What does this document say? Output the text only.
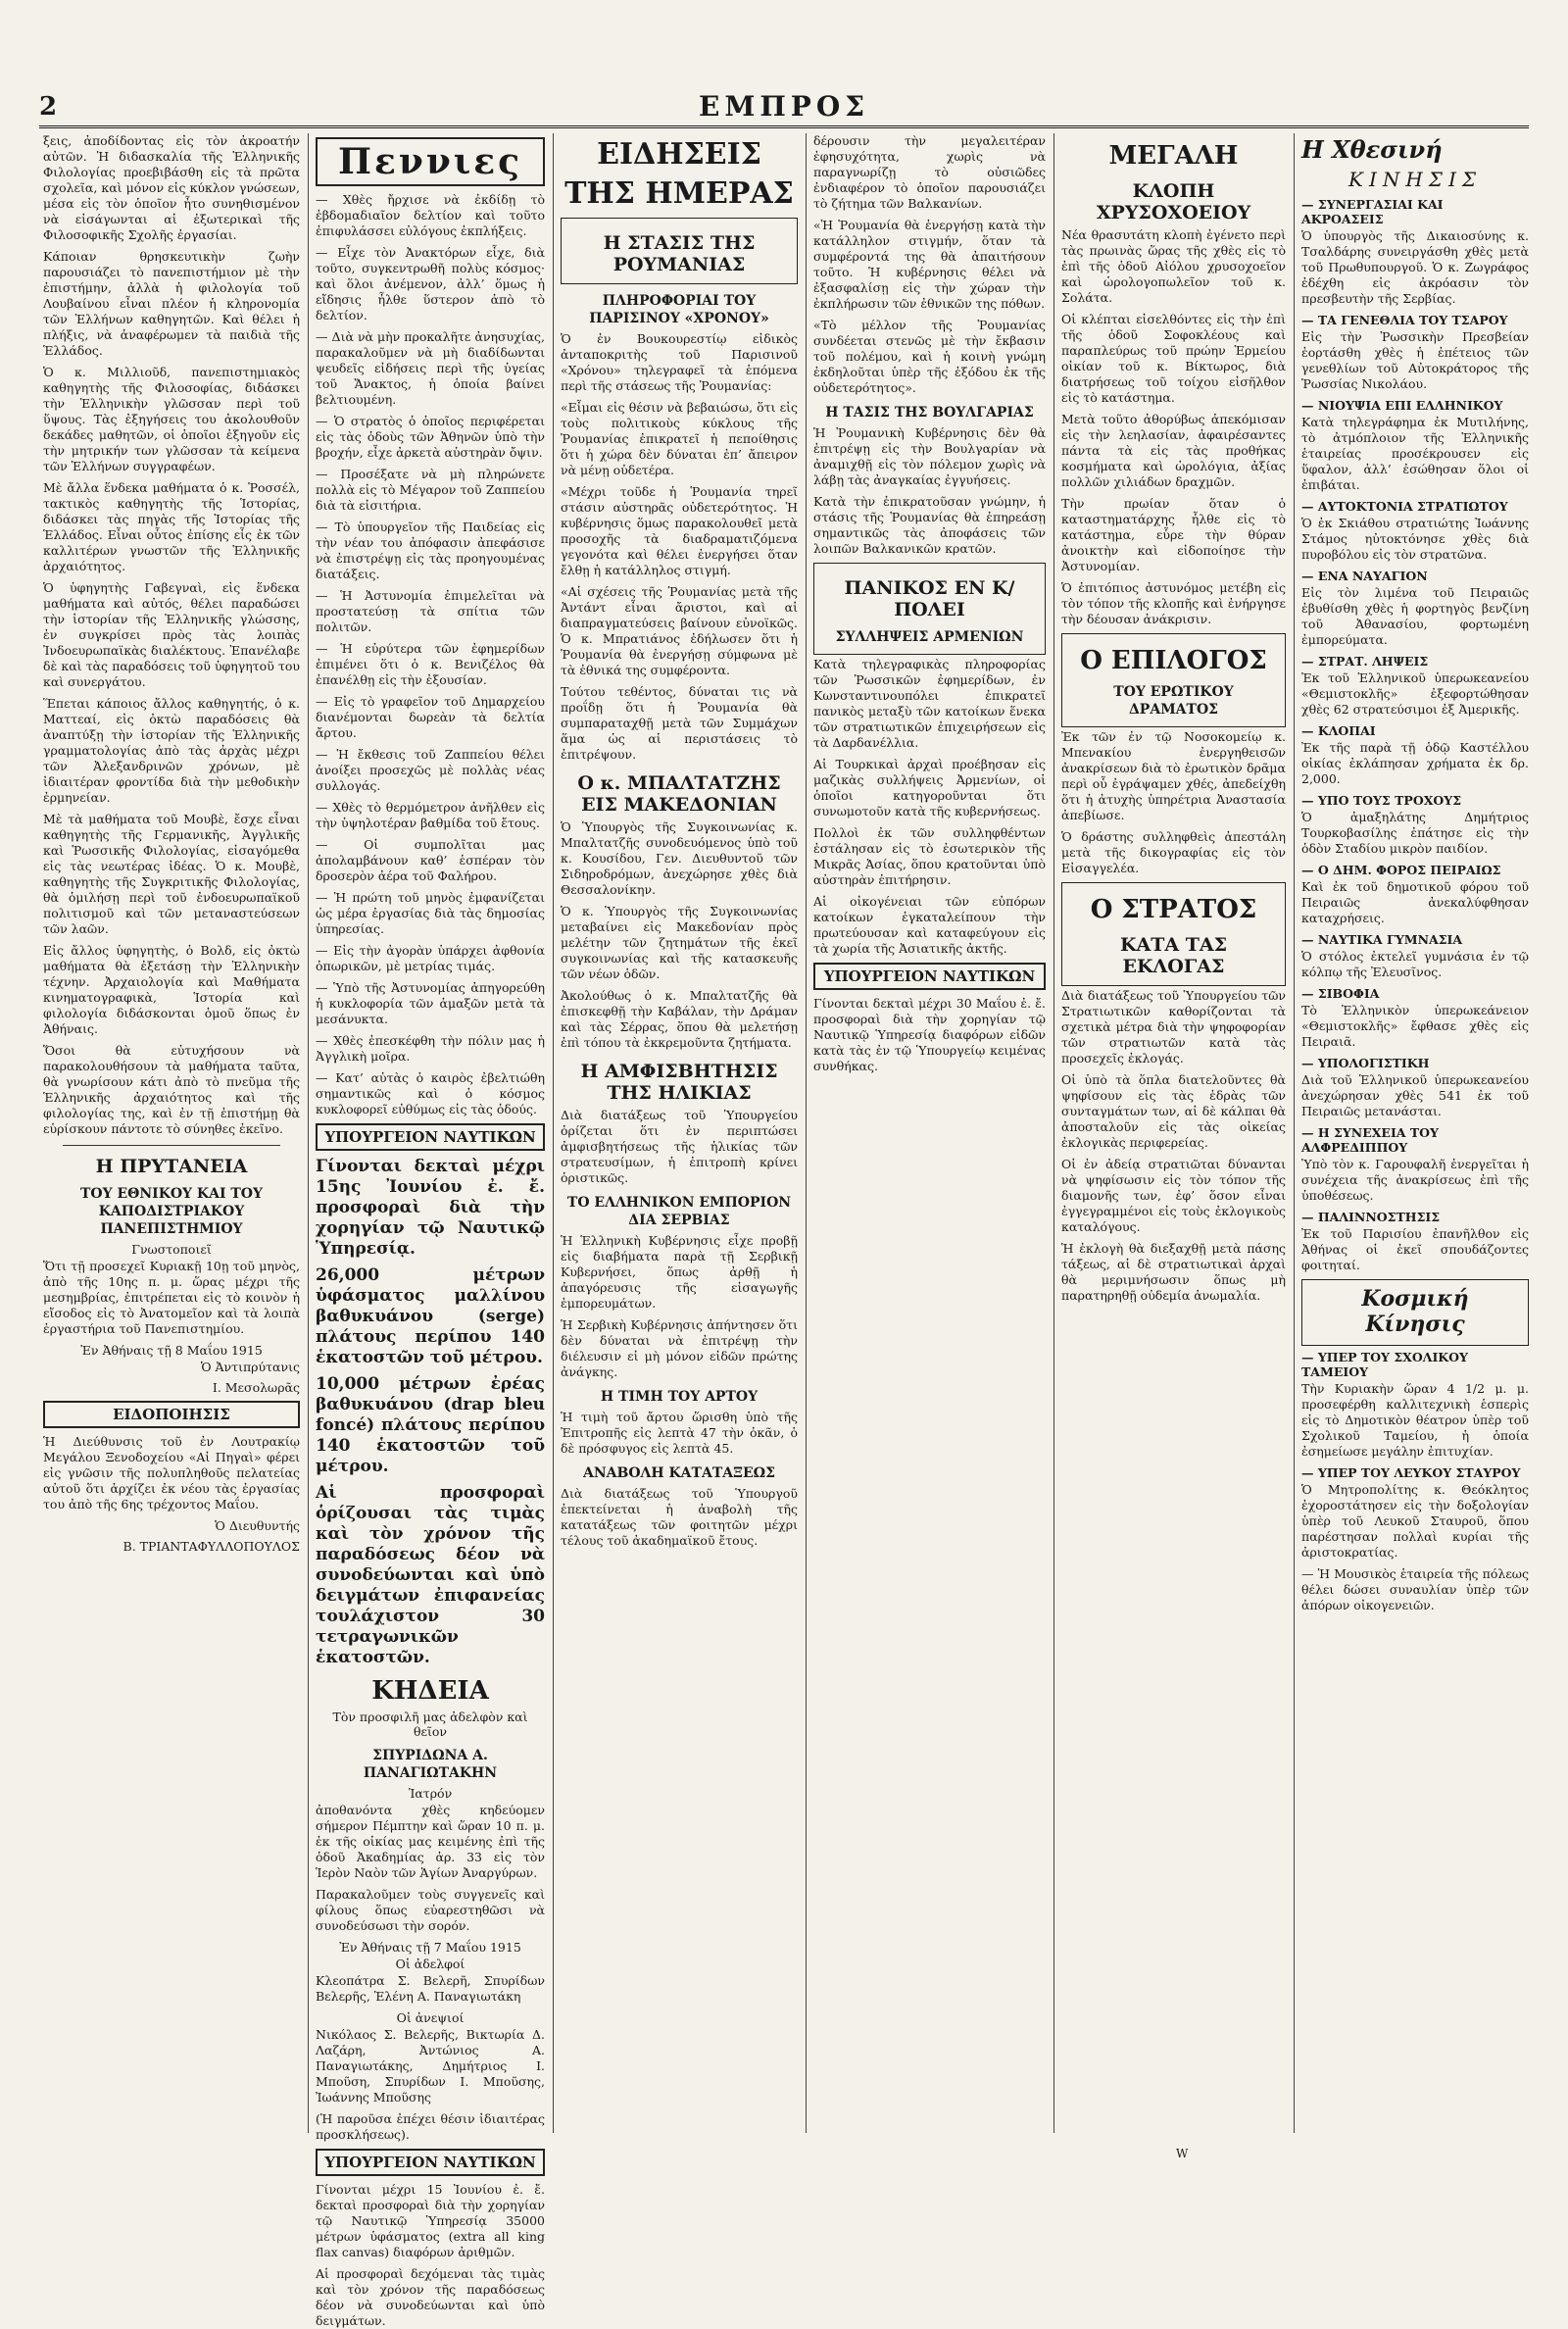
2	ΕΜΠΡΟΣ

ξεις, ἀποδίδοντας εἰς τὸν ἀκροατήν αὐτῶν. Ἡ διδασκαλία τῆς Ἑλληνικῆς Φιλολογίας προεβιβάσθη εἰς τὰ πρῶτα σχολεῖα, καὶ μόνον εἰς κύκλον γνώσεων, μέσα εἰς τὸν ὁποῖον ἦτο συνηθισμένον νὰ εἰσάγωνται αἱ ἐξωτερικαὶ τῆς Φιλοσοφικῆς Σχολῆς ἐργασίαι.

Κάποιαν θρησκευτικὴν ζωὴν παρουσιάζει τὸ πανεπιστήμιον μὲ τὴν ἐπιστήμην, ἀλλὰ ἡ φιλολογία τοῦ Λουβαίνου εἶναι πλέον ἡ κληρονομία τῶν Ἑλλήνων καθηγητῶν. Καὶ θέλει ἡ πλήξις, νὰ ἀναφέρωμεν τὰ παιδιὰ τῆς Ἑλλάδος.

Ὁ κ. Μιλλιοῦδ, πανεπιστημιακὸς καθηγητὴς τῆς Φιλοσοφίας, διδάσκει τὴν Ἑλληνικὴν γλῶσσαν περὶ τοῦ ὕψους. Τὰς ἐξηγήσεις του ἀκολουθοῦν δεκάδες μαθητῶν, οἱ ὁποῖοι ἐξηγοῦν εἰς τὴν μητρικήν των γλῶσσαν τὰ κείμενα τῶν Ἑλλήνων συγγραφέων.

Μὲ ἄλλα ἕνδεκα μαθήματα ὁ κ. Ῥοσσέλ, τακτικὸς καθηγητὴς τῆς Ἱστορίας, διδάσκει τὰς πηγὰς τῆς Ἱστορίας τῆς Ἑλλάδος. Εἶναι οὗτος ἐπίσης εἷς ἐκ τῶν καλλιτέρων γνωστῶν τῆς Ἑλληνικῆς ἀρχαιότητος.

Ὁ ὑφηγητὴς Γαβεγναὶ, εἰς ἕνδεκα μαθήματα καὶ αὐτός, θέλει παραδώσει τὴν ἱστορίαν τῆς Ἑλληνικῆς γλώσσης, ἐν συγκρίσει πρὸς τὰς λοιπὰς Ἰνδοευρωπαϊκὰς διαλέκτους. Ἐπανέλαβε δὲ καὶ τὰς παραδόσεις τοῦ ὑφηγητοῦ του καὶ συνεργάτου.

Ἕπεται κάποιος ἄλλος καθηγητής, ὁ κ. Ματτεαί, εἰς ὀκτὼ παραδόσεις θὰ ἀναπτύξῃ τὴν ἱστορίαν τῆς Ἑλληνικῆς γραμματολογίας ἀπὸ τὰς ἀρχὰς μέχρι τῶν Ἀλεξανδρινῶν χρόνων, μὲ ἰδιαιτέραν φροντίδα διὰ τὴν μεθοδικὴν ἐρμηνείαν.

Μὲ τὰ μαθήματα τοῦ Μουβὲ, ἔσχε εἶναι καθηγητὴς τῆς Γερμανικῆς, Ἀγγλικῆς καὶ Ῥωσσικῆς Φιλολογίας, εἰσαγόμεθα εἰς τὰς νεωτέρας ἰδέας. Ὁ κ. Μουβὲ, καθηγητὴς τῆς Συγκριτικῆς Φιλολογίας, θὰ ὁμιλήσῃ περὶ τοῦ ἐνδοευρωπαϊκοῦ πολιτισμοῦ καὶ τῶν μεταναστεύσεων τῶν λαῶν.

Εἰς ἄλλος ὑφηγητὴς, ὁ Βολδ, εἰς ὀκτὼ μαθήματα θὰ ἐξετάσῃ τὴν Ἑλληνικὴν τέχνην. Ἀρχαιολογία καὶ Μαθήματα κινηματογραφικὰ, Ἱστορία καὶ φιλολογία διδάσκονται ὁμοῦ ὅπως ἐν Ἀθήναις.

Ὅσοι θὰ εὐτυχήσουν νὰ παρακολουθήσουν τὰ μαθήματα ταῦτα, θὰ γνωρίσουν κάτι ἀπὸ τὸ πνεῦμα τῆς Ἑλληνικῆς ἀρχαιότητος καὶ τῆς φιλολογίας της, καὶ ἐν τῇ ἐπιστήμῃ θὰ εὑρίσκουν πάντοτε τὸ σύνηθες ἐκεῖνο.

Η ΠΡΥΤΑΝΕΙΑ
ΤΟΥ ΕΘΝΙΚΟΥ ΚΑΙ ΤΟΥ ΚΑΠΟΔΙΣΤΡΙΑΚΟΥ ΠΑΝΕΠΙΣΤΗΜΙΟΥ
Γνωστοποιεῖ

Ὅτι τῇ προσεχεῖ Κυριακῇ 10ῃ τοῦ μηνὸς, ἀπὸ τῆς 10ης π. μ. ὥρας μέχρι τῆς μεσημβρίας, ἐπιτρέπεται εἰς τὸ κοινὸν ἡ εἴσοδος εἰς τὸ Ἀνατομεῖον καὶ τὰ λοιπὰ ἐργαστήρια τοῦ Πανεπιστημίου.

Ἐν Ἀθήναις τῇ 8 Μαΐου 1915
Ὁ Ἀντιπρύτανις
Ι. Μεσολωρᾶς
ΕΙΔΟΠΟΙΗΣΙΣ

Ἡ Διεύθυνσις τοῦ ἐν Λουτρακίῳ Μεγάλου Ξενοδοχείου «Αἱ Πηγαὶ» φέρει εἰς γνῶσιν τῆς πολυπληθοῦς πελατείας αὐτοῦ ὅτι ἀρχίζει ἐκ νέου τὰς ἐργασίας του ἀπὸ τῆς 6ης τρέχοντος Μαΐου.

Ὁ Διευθυντής
Β. ΤΡΙΑΝΤΑΦΥΛΛΟΠΟΥΛΟΣ
Πεννιες

— Χθὲς ἤρχισε νὰ ἐκδίδῃ τὸ ἑβδομαδιαῖον δελτίον καὶ τοῦτο ἐπιφυλάσσει εὐλόγους ἐκπλήξεις.

— Εἶχε τὸν Ἀνακτόρων εἶχε, διὰ τοῦτο, συγκεντρωθῆ πολὺς κόσμος· καὶ ὅλοι ἀνέμενον, ἀλλ’ ὅμως ἡ εἴδησις ἦλθε ὕστερον ἀπὸ τὸ δελτίον.

— Διὰ νὰ μὴν προκαλῆτε ἀνησυχίας, παρακαλοῦμεν νὰ μὴ διαδίδωνται ψευδεῖς εἰδήσεις περὶ τῆς ὑγείας τοῦ Ἄνακτος, ἡ ὁποία βαίνει βελτιουμένη.

— Ὁ στρατὸς ὁ ὁποῖος περιφέρεται εἰς τὰς ὁδοὺς τῶν Ἀθηνῶν ὑπὸ τὴν βροχήν, εἶχε ἀρκετὰ αὐστηρὰν ὄψιν.

— Προσέξατε νὰ μὴ πληρώνετε πολλὰ εἰς τὸ Μέγαρον τοῦ Ζαππείου διὰ τὰ εἰσιτήρια.

— Τὸ ὑπουργεῖον τῆς Παιδείας εἰς τὴν νέαν του ἀπόφασιν ἀπεφάσισε νὰ ἐπιστρέψῃ εἰς τὰς προηγουμένας διατάξεις.

— Ἡ Ἀστυνομία ἐπιμελεῖται νὰ προστατεύσῃ τὰ σπίτια τῶν πολιτῶν.

— Ἡ εὐρύτερα τῶν ἐφημερίδων ἐπιμένει ὅτι ὁ κ. Βενιζέλος θὰ ἐπανέλθῃ εἰς τὴν ἐξουσίαν.

— Εἰς τὸ γραφεῖον τοῦ Δημαρχείου διανέμονται δωρεὰν τὰ δελτία ἄρτου.

— Ἡ ἔκθεσις τοῦ Ζαππείου θέλει ἀνοίξει προσεχῶς μὲ πολλὰς νέας συλλογάς.

— Χθὲς τὸ θερμόμετρον ἀνῆλθεν εἰς τὴν ὑψηλοτέραν βαθμίδα τοῦ ἔτους.

— Οἱ συμπολῖται μας ἀπολαμβάνουν καθ’ ἑσπέραν τὸν δροσερὸν ἀέρα τοῦ Φαλήρου.

— Ἡ πρώτη τοῦ μηνὸς ἐμφανίζεται ὡς μέρα ἐργασίας διὰ τὰς δημοσίας ὑπηρεσίας.

— Εἰς τὴν ἀγορὰν ὑπάρχει ἀφθονία ὀπωρικῶν, μὲ μετρίας τιμάς.

— Ὑπὸ τῆς Ἀστυνομίας ἀπηγορεύθη ἡ κυκλοφορία τῶν ἁμαξῶν μετὰ τὰ μεσάνυκτα.

— Χθὲς ἐπεσκέφθη τὴν πόλιν μας ἡ Ἀγγλικὴ μοῖρα.

— Κατ’ αὐτὰς ὁ καιρὸς ἐβελτιώθη σημαντικῶς καὶ ὁ κόσμος κυκλοφορεῖ εὐθύμως εἰς τὰς ὁδούς.

ΥΠΟΥΡΓΕΙΟΝ ΝΑΥΤΙΚΩΝ

Γίνονται δεκταὶ μέχρι 15ης Ἰουνίου ἐ. ἔ. προσφοραὶ διὰ τὴν χορηγίαν τῷ Ναυτικῷ Ὑπηρεσίᾳ.

26,000 μέτρων ὑφάσματος μαλλίνου βαθυκυάνου (serge) πλάτους περίπου 140 ἑκατοστῶν τοῦ μέτρου.

10,000 μέτρων ἐρέας βαθυκυάνου (drap bleu foncé) πλάτους περίπου 140 ἑκατοστῶν τοῦ μέτρου.

Αἱ προσφοραὶ ὁρίζουσαι τὰς τιμὰς καὶ τὸν χρόνον τῆς παραδόσεως δέον νὰ συνοδεύωνται καὶ ὑπὸ δειγμάτων ἐπιφανείας τουλάχιστον 30 τετραγωνικῶν ἑκατοστῶν.

ΚΗΔΕΙΑ
Τὸν προσφιλῆ μας ἀδελφὸν καὶ θεῖον
ΣΠΥΡΙΔΩΝΑ Α. ΠΑΝΑΓΙΩΤΑΚΗΝ
Ἰατρόν

ἀποθανόντα χθὲς κηδεύομεν σήμερον Πέμπτην καὶ ὥραν 10 π. μ. ἐκ τῆς οἰκίας μας κειμένης ἐπὶ τῆς ὁδοῦ Ἀκαδημίας ἀρ. 33 εἰς τὸν Ἱερὸν Ναὸν τῶν Ἁγίων Ἀναργύρων.

Παρακαλοῦμεν τοὺς συγγενεῖς καὶ φίλους ὅπως εὐαρεστηθῶσι νὰ συνοδεύσωσι τὴν σορόν.

Ἐν Ἀθήναις τῇ 7 Μαΐου 1915
Οἱ ἀδελφοί

Κλεοπάτρα Σ. Βελερῆ, Σπυρίδων Βελερῆς, Ἑλένη Α. Παναγιωτάκη

Οἱ ἀνεψιοί

Νικόλαος Σ. Βελερῆς, Βικτωρία Δ. Λαζάρη, Ἀντώνιος Α. Παναγιωτάκης, Δημήτριος Ι. Μποῦση, Σπυρίδων Ι. Μποῦσης, Ἰωάννης Μποῦσης

(Ἡ παροῦσα ἐπέχει θέσιν ἰδιαιτέρας προσκλήσεως).

ΥΠΟΥΡΓΕΙΟΝ ΝΑΥΤΙΚΩΝ

Γίνονται μέχρι 15 Ἰουνίου ἐ. ἔ. δεκταὶ προσφοραὶ διὰ τὴν χορηγίαν τῷ Ναυτικῷ Ὑπηρεσίᾳ 35000 μέτρων ὑφάσματος (extra all king flax canvas) διαφόρων ἀριθμῶν.

Αἱ προσφοραὶ δεχόμεναι τὰς τιμὰς καὶ τὸν χρόνον τῆς παραδόσεως δέον νὰ συνοδεύωνται καὶ ὑπὸ δειγμάτων.

ΕΙΔΗΣΕΙΣ ΤΗΣ ΗΜΕΡΑΣ
Η ΣΤΑΣΙΣ ΤΗΣ ΡΟΥΜΑΝΙΑΣ
ΠΛΗΡΟΦΟΡΙΑΙ ΤΟΥ ΠΑΡΙΣΙΝΟΥ «ΧΡΟΝΟΥ»

Ὁ ἐν Βουκουρεστίῳ εἰδικὸς ἀνταποκριτὴς τοῦ Παρισινοῦ «Χρόνου» τηλεγραφεῖ τὰ ἑπόμενα περὶ τῆς στάσεως τῆς Ῥουμανίας:

«Εἶμαι εἰς θέσιν νὰ βεβαιώσω, ὅτι εἰς τοὺς πολιτικοὺς κύκλους τῆς Ῥουμανίας ἐπικρατεῖ ἡ πεποίθησις ὅτι ἡ χώρα δὲν δύναται ἐπ’ ἄπειρον νὰ μένῃ οὐδετέρα.

«Μέχρι τοῦδε ἡ Ῥουμανία τηρεῖ στάσιν αὐστηρᾶς οὐδετερότητος. Ἡ κυβέρνησις ὅμως παρακολουθεῖ μετὰ προσοχῆς τὰ διαδραματιζόμενα γεγονότα καὶ θέλει ἐνεργήσει ὅταν ἔλθῃ ἡ κατάλληλος στιγμή.

«Αἱ σχέσεις τῆς Ῥουμανίας μετὰ τῆς Ἀντάντ εἶναι ἄριστοι, καὶ αἱ διαπραγματεύσεις βαίνουν εὐνοϊκῶς. Ὁ κ. Μπρατιάνος ἐδήλωσεν ὅτι ἡ Ῥουμανία θὰ ἐνεργήσῃ σύμφωνα μὲ τὰ ἐθνικά της συμφέροντα.

Τούτου τεθέντος, δύναται τις νὰ προΐδῃ ὅτι ἡ Ῥουμανία θὰ συμπαραταχθῇ μετὰ τῶν Συμμάχων ἅμα ὡς αἱ περιστάσεις τὸ ἐπιτρέψουν.

Ο κ. ΜΠΑΛΤΑΤΖΗΣ ΕΙΣ ΜΑΚΕΔΟΝΙΑΝ

Ὁ Ὑπουργὸς τῆς Συγκοινωνίας κ. Μπαλτατζῆς συνοδευόμενος ὑπὸ τοῦ κ. Κουσίδου, Γεν. Διευθυντοῦ τῶν Σιδηροδρόμων, ἀνεχώρησε χθὲς διὰ Θεσσαλονίκην.

Ὁ κ. Ὑπουργὸς τῆς Συγκοινωνίας μεταβαίνει εἰς Μακεδονίαν πρὸς μελέτην τῶν ζητημάτων τῆς ἐκεῖ συγκοινωνίας καὶ τῆς κατασκευῆς τῶν νέων ὁδῶν.

Ἀκολούθως ὁ κ. Μπαλτατζῆς θὰ ἐπισκεφθῇ τὴν Καβάλαν, τὴν Δράμαν καὶ τὰς Σέρρας, ὅπου θὰ μελετήσῃ ἐπὶ τόπου τὰ ἐκκρεμοῦντα ζητήματα.

Η ΑΜΦΙΣΒΗΤΗΣΙΣ ΤΗΣ ΗΛΙΚΙΑΣ

Διὰ διατάξεως τοῦ Ὑπουργείου ὁρίζεται ὅτι ἐν περιπτώσει ἀμφισβητήσεως τῆς ἡλικίας τῶν στρατευσίμων, ἡ ἐπιτροπὴ κρίνει ὁριστικῶς.

ΤΟ ΕΛΛΗΝΙΚΟΝ ΕΜΠΟΡΙΟΝ ΔΙΑ ΣΕΡΒΙΑΣ

Ἡ Ἑλληνικὴ Κυβέρνησις εἶχε προβῇ εἰς διαβήματα παρὰ τῇ Σερβικῇ Κυβερνήσει, ὅπως ἀρθῇ ἡ ἀπαγόρευσις τῆς εἰσαγωγῆς ἐμπορευμάτων.

Ἡ Σερβικὴ Κυβέρνησις ἀπήντησεν ὅτι δὲν δύναται νὰ ἐπιτρέψῃ τὴν διέλευσιν εἰ μὴ μόνον εἰδῶν πρώτης ἀνάγκης.

Η ΤΙΜΗ ΤΟΥ ΑΡΤΟΥ

Ἡ τιμὴ τοῦ ἄρτου ὥρισθη ὑπὸ τῆς Ἐπιτροπῆς εἰς λεπτὰ 47 τὴν ὀκᾶν, ὁ δὲ πρόσφυγος εἰς λεπτὰ 45.

ΑΝΑΒΟΛΗ ΚΑΤΑΤΑΞΕΩΣ

Διὰ διατάξεως τοῦ Ὑπουργοῦ ἐπεκτείνεται ἡ ἀναβολὴ τῆς κατατάξεως τῶν φοιτητῶν μέχρι τέλους τοῦ ἀκαδημαϊκοῦ ἔτους.

δέρουσιν τὴν μεγαλειτέραν ἐφησυχότητα, χωρὶς νὰ παραγνωρίζῃ τὸ οὐσιῶδες ἐνδιαφέρον τὸ ὁποῖον παρουσιάζει τὸ ζήτημα τῶν Βαλκανίων.

«Ἡ Ῥουμανία θὰ ἐνεργήσῃ κατὰ τὴν κατάλληλον στιγμήν, ὅταν τὰ συμφέροντά της θὰ ἀπαιτήσουν τοῦτο. Ἡ κυβέρνησις θέλει νὰ ἐξασφαλίσῃ εἰς τὴν χώραν τὴν ἐκπλήρωσιν τῶν ἐθνικῶν της πόθων.

«Τὸ μέλλον τῆς Ῥουμανίας συνδέεται στενῶς μὲ τὴν ἔκβασιν τοῦ πολέμου, καὶ ἡ κοινὴ γνώμη ἐκδηλοῦται ὑπὲρ τῆς ἐξόδου ἐκ τῆς οὐδετερότητος».

Η ΤΑΣΙΣ ΤΗΣ ΒΟΥΛΓΑΡΙΑΣ

Ἡ Ῥουμανικὴ Κυβέρνησις δὲν θὰ ἐπιτρέψῃ εἰς τὴν Βουλγαρίαν νὰ ἀναμιχθῇ εἰς τὸν πόλεμον χωρὶς νὰ λάβῃ τὰς ἀναγκαίας ἐγγυήσεις.

Κατὰ τὴν ἐπικρατοῦσαν γνώμην, ἡ στάσις τῆς Ῥουμανίας θὰ ἐπηρεάσῃ σημαντικῶς τὰς ἀποφάσεις τῶν λοιπῶν Βαλκανικῶν κρατῶν.

ΠΑΝΙΚΟΣ ΕΝ Κ/ΠΟΛΕΙ
ΣΥΛΛΗΨΕΙΣ ΑΡΜΕΝΙΩΝ

Κατὰ τηλεγραφικὰς πληροφορίας τῶν Ῥωσσικῶν ἐφημερίδων, ἐν Κωνσταντινουπόλει ἐπικρατεῖ πανικὸς μεταξὺ τῶν κατοίκων ἕνεκα τῶν στρατιωτικῶν ἐπιχειρήσεων εἰς τὰ Δαρδανέλλια.

Αἱ Τουρκικαὶ ἀρχαὶ προέβησαν εἰς μαζικὰς συλλήψεις Ἀρμενίων, οἱ ὁποῖοι κατηγοροῦνται ὅτι συνωμοτοῦν κατὰ τῆς κυβερνήσεως.

Πολλοὶ ἐκ τῶν συλληφθέντων ἐστάλησαν εἰς τὸ ἐσωτερικὸν τῆς Μικρᾶς Ἀσίας, ὅπου κρατοῦνται ὑπὸ αὐστηρὰν ἐπιτήρησιν.

Αἱ οἰκογένειαι τῶν εὐπόρων κατοίκων ἐγκαταλείπουν τὴν πρωτεύουσαν καὶ καταφεύγουν εἰς τὰ χωρία τῆς Ἀσιατικῆς ἀκτῆς.

ΥΠΟΥΡΓΕΙΟΝ ΝΑΥΤΙΚΩΝ

Γίνονται δεκταὶ μέχρι 30 Μαΐου ἐ. ἔ. προσφοραὶ διὰ τὴν χορηγίαν τῷ Ναυτικῷ Ὑπηρεσίᾳ διαφόρων εἰδῶν κατὰ τὰς ἐν τῷ Ὑπουργείῳ κειμένας συνθήκας.

ΜΕΓΑΛΗ
ΚΛΟΠΗ ΧΡΥΣΟΧΟΕΙΟΥ

Νέα θρασυτάτη κλοπὴ ἐγένετο περὶ τὰς πρωινὰς ὥρας τῆς χθὲς εἰς τὸ ἐπὶ τῆς ὁδοῦ Αἰόλου χρυσοχοεῖον καὶ ὡρολογοπωλεῖον τοῦ κ. Σολάτα.

Οἱ κλέπται εἰσελθόντες εἰς τὴν ἐπὶ τῆς ὁδοῦ Σοφοκλέους καὶ παραπλεύρως τοῦ πρώην Ἑρμείου οἰκίαν τοῦ κ. Βίκτωρος, διὰ διατρήσεως τοῦ τοίχου εἰσῆλθον εἰς τὸ κατάστημα.

Μετὰ τοῦτο ἀθορύβως ἀπεκόμισαν εἰς τὴν λεηλασίαν, ἀφαιρέσαντες πάντα τὰ εἰς τὰς προθήκας κοσμήματα καὶ ὡρολόγια, ἀξίας πολλῶν χιλιάδων δραχμῶν.

Τὴν πρωίαν ὅταν ὁ καταστηματάρχης ἦλθε εἰς τὸ κατάστημα, εὗρε τὴν θύραν ἀνοικτὴν καὶ εἰδοποίησε τὴν Ἀστυνομίαν.

Ὁ ἐπιτόπιος ἀστυνόμος μετέβη εἰς τὸν τόπον τῆς κλοπῆς καὶ ἐνήργησε τὴν δέουσαν ἀνάκρισιν.

Ο ΕΠΙΛΟΓΟΣ
ΤΟΥ ΕΡΩΤΙΚΟΥ ΔΡΑΜΑΤΟΣ

Ἐκ τῶν ἐν τῷ Νοσοκομείῳ κ. Μπενακίου ἐνεργηθεισῶν ἀνακρίσεων διὰ τὸ ἐρωτικὸν δρᾶμα περὶ οὗ ἐγράψαμεν χθές, ἀπεδείχθη ὅτι ἡ ἀτυχὴς ὑπηρέτρια Ἀναστασία ἀπεβίωσε.

Ὁ δράστης συλληφθεὶς ἀπεστάλη μετὰ τῆς δικογραφίας εἰς τὸν Εἰσαγγελέα.

Ο ΣΤΡΑΤΟΣ
ΚΑΤΑ ΤΑΣ ΕΚΛΟΓΑΣ

Διὰ διατάξεως τοῦ Ὑπουργείου τῶν Στρατιωτικῶν καθορίζονται τὰ σχετικὰ μέτρα διὰ τὴν ψηφοφορίαν τῶν στρατιωτῶν κατὰ τὰς προσεχεῖς ἐκλογάς.

Οἱ ὑπὸ τὰ ὅπλα διατελοῦντες θὰ ψηφίσουν εἰς τὰς ἑδρὰς τῶν συνταγμάτων των, αἱ δὲ κάλπαι θὰ ἀποσταλοῦν εἰς τὰς οἰκείας ἐκλογικὰς περιφερείας.

Οἱ ἐν ἀδείᾳ στρατιῶται δύνανται νὰ ψηφίσωσιν εἰς τὸν τόπον τῆς διαμονῆς των, ἐφ’ ὅσον εἶναι ἐγγεγραμμένοι εἰς τοὺς ἐκλογικοὺς καταλόγους.

Ἡ ἐκλογὴ θὰ διεξαχθῇ μετὰ πάσης τάξεως, αἱ δὲ στρατιωτικαὶ ἀρχαὶ θὰ μεριμνήσωσιν ὅπως μὴ παρατηρηθῇ οὐδεμία ἀνωμαλία.

Η Χθεσινή
ΚΙΝΗΣΙΣ
— ΣΥΝΕΡΓΑΣΙΑΙ ΚΑΙ ΑΚΡΟΑΣΕΙΣ

Ὁ ὑπουργὸς τῆς Δικαιοσύνης κ. Τσαλδάρης συνειργάσθη χθὲς μετὰ τοῦ Πρωθυπουργοῦ. Ὁ κ. Ζωγράφος ἐδέχθη εἰς ἀκρόασιν τὸν πρεσβευτὴν τῆς Σερβίας.

— ΤΑ ΓΕΝΕΘΛΙΑ ΤΟΥ ΤΣΑΡΟΥ

Εἰς τὴν Ῥωσσικὴν Πρεσβείαν ἐορτάσθη χθὲς ἡ ἐπέτειος τῶν γενεθλίων τοῦ Αὐτοκράτορος τῆς Ῥωσσίας Νικολάου.

— ΝΙΟΥΨΙΑ ΕΠΙ ΕΛΛΗΝΙΚΟΥ

Κατὰ τηλεγράφημα ἐκ Μυτιλήνης, τὸ ἀτμόπλοιον τῆς Ἑλληνικῆς ἑταιρείας προσέκρουσεν εἰς ὕφαλον, ἀλλ’ ἐσώθησαν ὅλοι οἱ ἐπιβάται.

— ΑΥΤΟΚΤΟΝΙΑ ΣΤΡΑΤΙΩΤΟΥ

Ὁ ἐκ Σκιάθου στρατιώτης Ἰωάννης Στάμος ηὐτοκτόνησε χθὲς διὰ πυροβόλου εἰς τὸν στρατῶνα.

— ΕΝΑ ΝΑΥΑΓΙΟΝ

Εἰς τὸν λιμένα τοῦ Πειραιῶς ἐβυθίσθη χθὲς ἡ φορτηγὸς βενζίνη τοῦ Ἀθανασίου, φορτωμένη ἐμπορεύματα.

— ΣΤΡΑΤ. ΛΗΨΕΙΣ

Ἐκ τοῦ Ἑλληνικοῦ ὑπερωκεανείου «Θεμιστοκλῆς» ἐξεφορτώθησαν χθὲς 62 στρατεύσιμοι ἐξ Ἀμερικῆς.

— ΚΛΟΠΑΙ

Ἐκ τῆς παρὰ τῇ ὁδῷ Καστέλλου οἰκίας ἐκλάπησαν χρήματα ἐκ δρ. 2,000.

— ΥΠΟ ΤΟΥΣ ΤΡΟΧΟΥΣ

Ὁ ἁμαξηλάτης Δημήτριος Τουρκοβασίλης ἐπάτησε εἰς τὴν ὁδὸν Σταδίου μικρὸν παιδίον.

— Ο ΔΗΜ. ΦΟΡΟΣ ΠΕΙΡΑΙΩΣ

Καὶ ἐκ τοῦ δημοτικοῦ φόρου τοῦ Πειραιῶς ἀνεκαλύφθησαν καταχρήσεις.

— ΝΑΥΤΙΚΑ ΓΥΜΝΑΣΙΑ

Ὁ στόλος ἐκτελεῖ γυμνάσια ἐν τῷ κόλπῳ τῆς Ἐλευσῖνος.

— ΣΙΒΟΦΙΑ

Τὸ Ἑλληνικὸν ὑπερωκεάνειον «Θεμιστοκλῆς» ἔφθασε χθὲς εἰς Πειραιᾶ.

— ΥΠΟΛΟΓΙΣΤΙΚΗ

Διὰ τοῦ Ἑλληνικοῦ ὑπερωκεανείου ἀνεχώρησαν χθὲς 541 ἐκ τοῦ Πειραιῶς μετανάσται.

— Η ΣΥΝΕΧΕΙΑ ΤΟΥ ΑΛΦΡΕΔΙΠΠΟΥ

Ὑπὸ τὸν κ. Γαρουφαλῆ ἐνεργεῖται ἡ συνέχεια τῆς ἀνακρίσεως ἐπὶ τῆς ὑποθέσεως.

— ΠΑΛΙΝΝΟΣΤΗΣΙΣ

Ἐκ τοῦ Παρισίου ἐπανῆλθον εἰς Ἀθήνας οἱ ἐκεῖ σπουδάζοντες φοιτηταί.

Κοσμική Κίνησις
— ΥΠΕΡ ΤΟΥ ΣΧΟΛΙΚΟΥ ΤΑΜΕΙΟΥ

Τὴν Κυριακὴν ὥραν 4 1/2 μ. μ. προσεφέρθη καλλιτεχνικὴ ἑσπερὶς εἰς τὸ Δημοτικὸν θέατρον ὑπὲρ τοῦ Σχολικοῦ Ταμείου, ἡ ὁποία ἐσημείωσε μεγάλην ἐπιτυχίαν.

— ΥΠΕΡ ΤΟΥ ΛΕΥΚΟΥ ΣΤΑΥΡΟΥ

Ὁ Μητροπολίτης κ. Θεόκλητος ἐχοροστάτησεν εἰς τὴν δοξολογίαν ὑπὲρ τοῦ Λευκοῦ Σταυροῦ, ὅπου παρέστησαν πολλαὶ κυρίαι τῆς ἀριστοκρατίας.

— Ἡ Μουσικὸς ἑταιρεία τῆς πόλεως θέλει δώσει συναυλίαν ὑπὲρ τῶν ἀπόρων οἰκογενειῶν.

W
